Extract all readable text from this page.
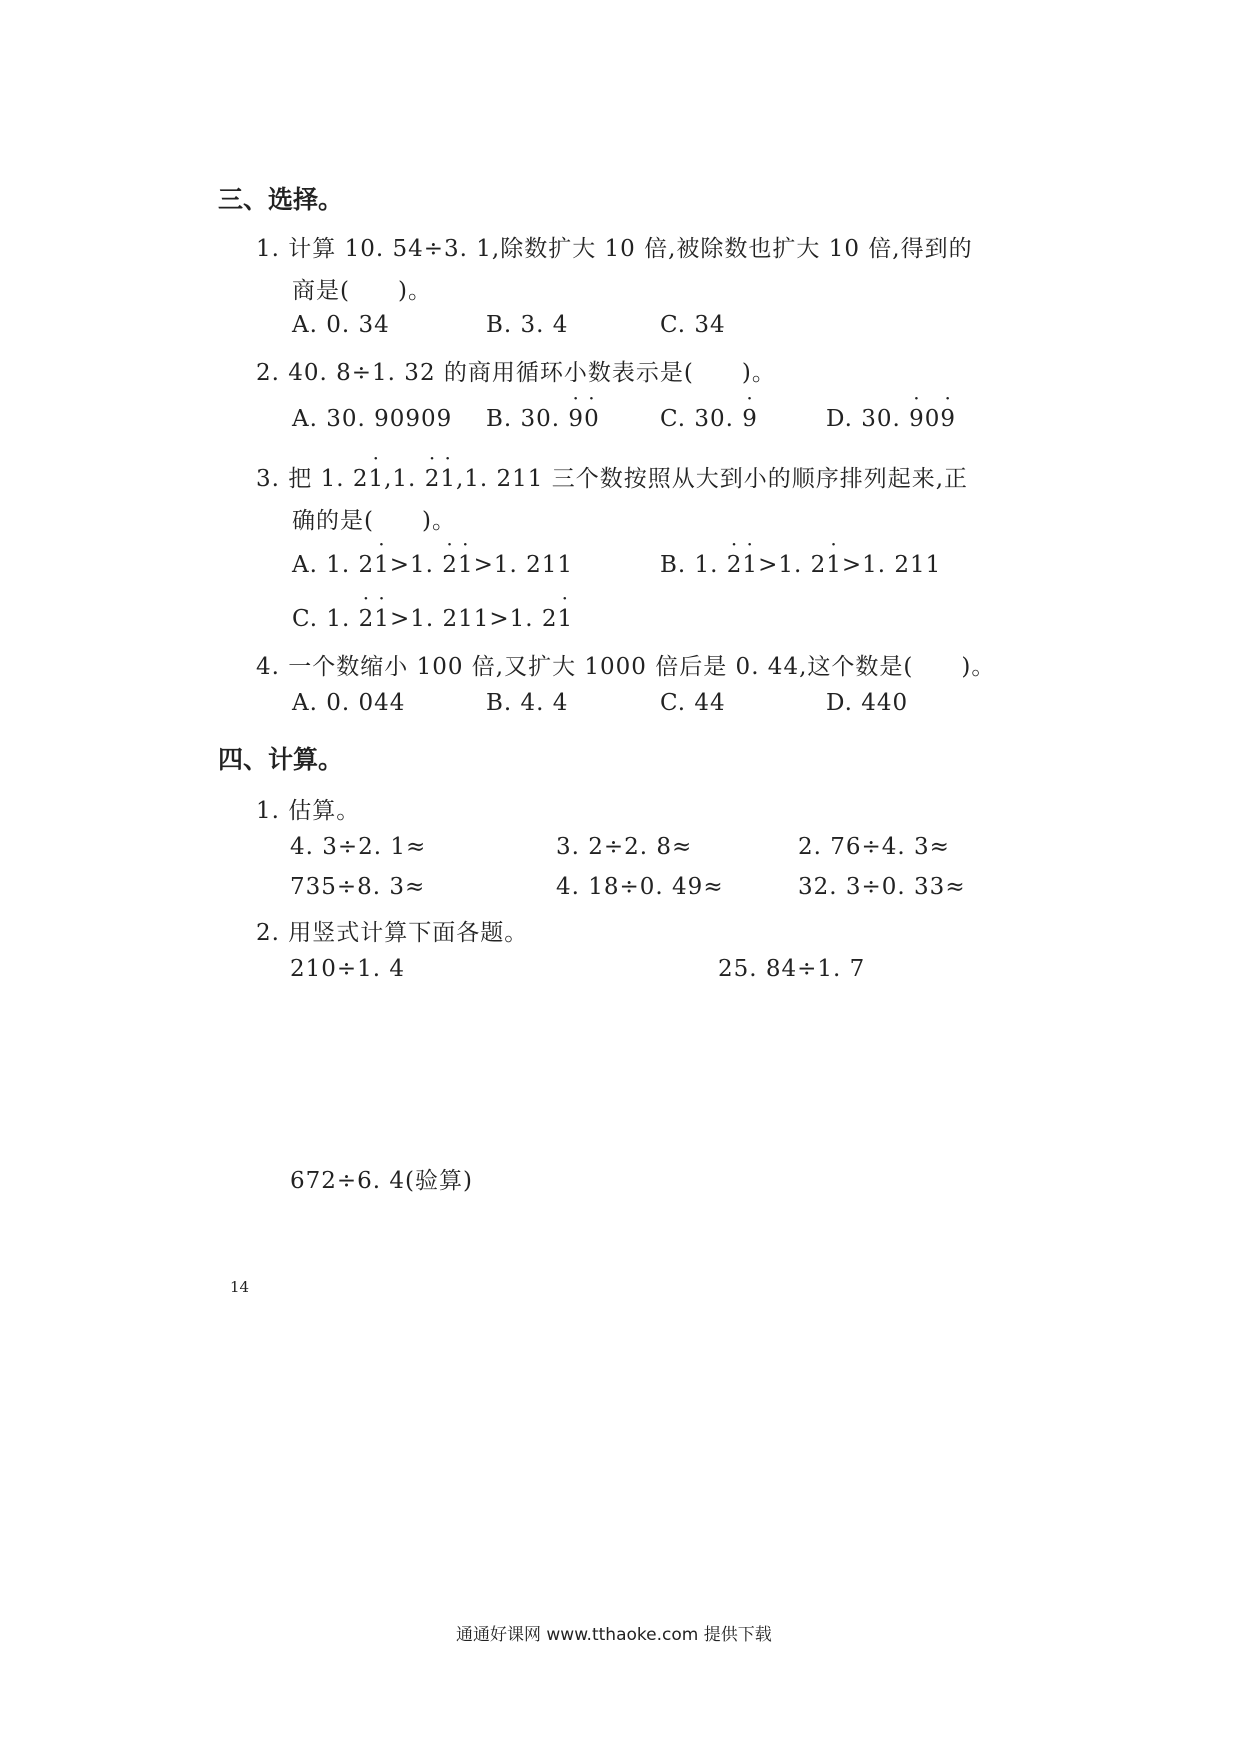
三、选择。
1. 计算 10. 54÷3. 1,除数扩大 10 倍,被除数也扩大 10 倍,得到的
商是(　　)。
A. 0. 34	B. 3. 4	C. 34
2. 40. 8÷1. 32 的商用循环小数表示是(　　)。
A. 30. 90909 B. 30. · 9· 0	C. 30. · 9	D. 30. · 90· 9
3. 把 1. 2· 1,1. · 2· 1,1. 211 三个数按照从大到小的顺序排列起来,正
确的是(　　)。
A. 1. 2· 1>1. · 2· 1>1. 211	B. 1. · 2· 1>1. 2· 1>1. 211
C. 1. · 2· 1>1. 211>1. 2· 1
4. 一个数缩小 100 倍,又扩大 1000 倍后是 0. 44,这个数是(　　)。
A. 0. 044	B. 4. 4	C. 44	D. 440
四、计算。
1. 估算。
4. 3÷2. 1≈	3. 2÷2. 8≈	2. 76÷4. 3≈
735÷8. 3≈	4. 18÷0. 49≈	32. 3÷0. 33≈
2. 用竖式计算下面各题。
210÷1. 4	25. 84÷1. 7
672÷6. 4(验算)
14
通通好课网 www.tthaoke.com 提供下载
